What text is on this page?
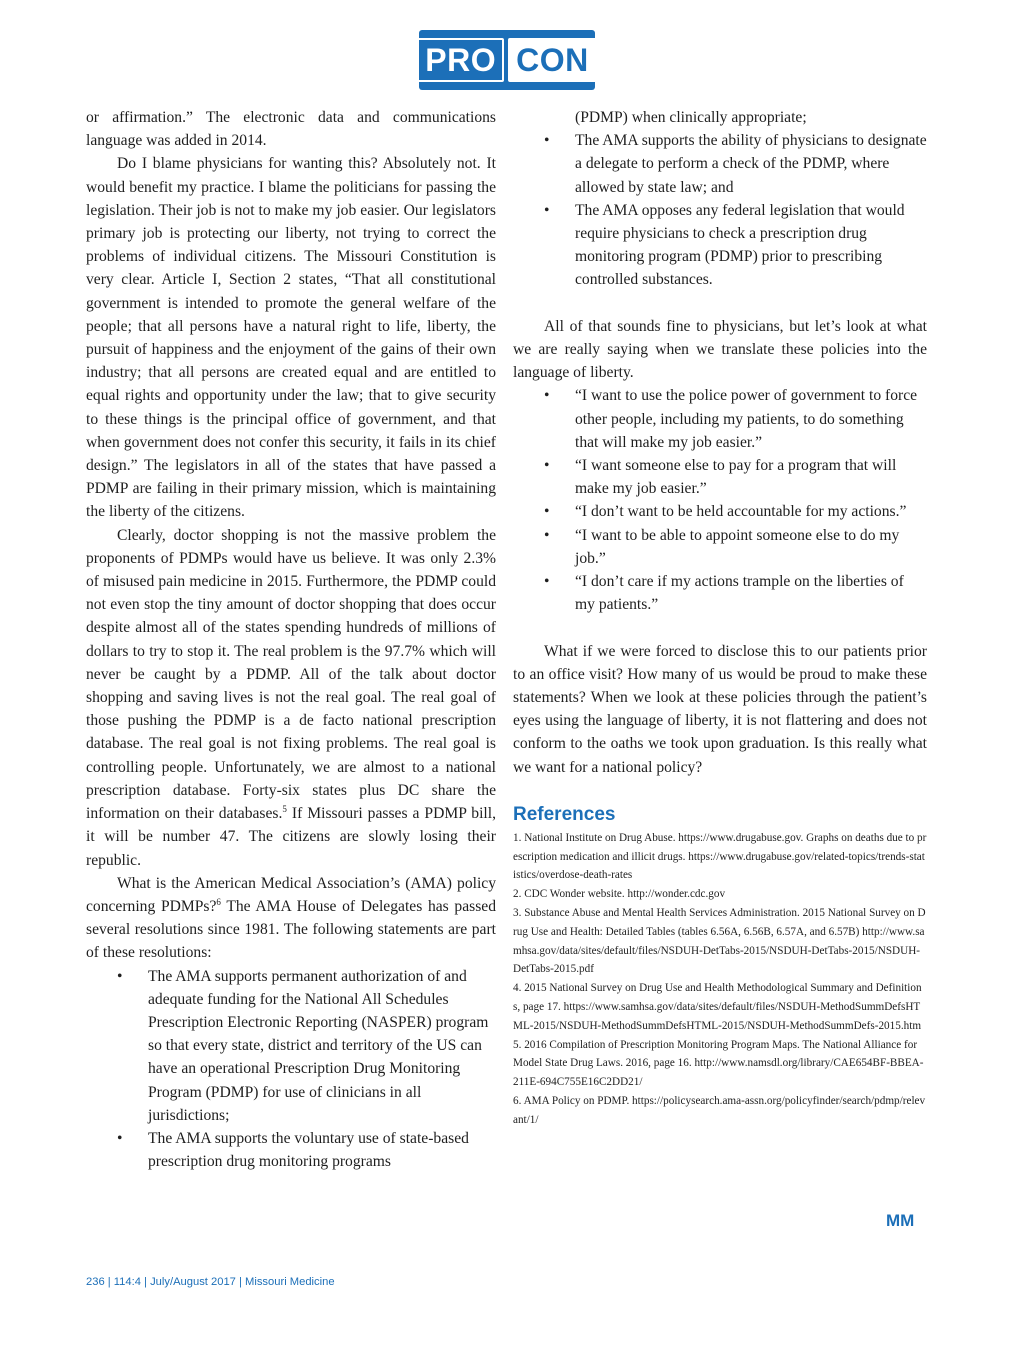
PRO CON

or affirmation.” The electronic data and communications language was added in 2014.

Do I blame physicians for wanting this? Absolutely not. It would benefit my practice. I blame the politicians for passing the legislation. Their job is not to make my job easier. Our legislators primary job is protecting our liberty, not trying to correct the problems of individual citizens. The Missouri Constitution is very clear. Article I, Section 2 states, “That all constitutional government is intended to promote the general welfare of the people; that all persons have a natural right to life, liberty, the pursuit of happiness and the enjoyment of the gains of their own industry; that all persons are created equal and are entitled to equal rights and opportunity under the law; that to give security to these things is the principal office of government, and that when government does not confer this security, it fails in its chief design.” The legislators in all of the states that have passed a PDMP are failing in their primary mission, which is maintaining the liberty of the citizens.

Clearly, doctor shopping is not the massive problem the proponents of PDMPs would have us believe. It was only 2.3% of misused pain medicine in 2015. Furthermore, the PDMP could not even stop the tiny amount of doctor shopping that does occur despite almost all of the states spending hundreds of millions of dollars to try to stop it. The real problem is the 97.7% which will never be caught by a PDMP. All of the talk about doctor shopping and saving lives is not the real goal. The real goal of those pushing the PDMP is a de facto national prescription database. The real goal is not fixing problems. The real goal is controlling people. Unfortunately, we are almost to a national prescription database. Forty-six states plus DC share the information on their databases.$^5$ If Missouri passes a PDMP bill, it will be number 47. The citizens are slowly losing their republic.

What is the American Medical Association’s (AMA) policy concerning PDMPs?$^6$ The AMA House of Delegates has passed several resolutions since 1981. The following statements are part of these resolutions:

• The AMA supports permanent authorization of and adequate funding for the National All Schedules Prescription Electronic Reporting (NASPER) program so that every state, district and territory of the US can have an operational Prescription Drug Monitoring Program (PDMP) for use of clinicians in all jurisdictions;
• The AMA supports the voluntary use of state-based prescription drug monitoring programs
(PDMP) when clinically appropriate;
• The AMA supports the ability of physicians to designate a delegate to perform a check of the PDMP, where allowed by state law; and
• The AMA opposes any federal legislation that would require physicians to check a prescription drug monitoring program (PDMP) prior to prescribing controlled substances.

All of that sounds fine to physicians, but let’s look at what we are really saying when we translate these policies into the language of liberty.

• “I want to use the police power of government to force other people, including my patients, to do something that will make my job easier.”
• “I want someone else to pay for a program that will make my job easier.”
• “I don’t want to be held accountable for my actions.”
• “I want to be able to appoint someone else to do my job.”
• “I don’t care if my actions trample on the liberties of my patients.”

What if we were forced to disclose this to our patients prior to an office visit? How many of us would be proud to make these statements? When we look at these policies through the patient’s eyes using the language of liberty, it is not flattering and does not conform to the oaths we took upon graduation. Is this really what we want for a national policy?

References

1. National Institute on Drug Abuse. https://www.drugabuse.gov. Graphs on deaths due to prescription medication and illicit drugs. https://www.drugabuse.gov/related-topics/trends-statistics/overdose-death-rates

2. CDC Wonder website. http://wonder.cdc.gov

3. Substance Abuse and Mental Health Services Administration. 2015 National Survey on Drug Use and Health: Detailed Tables (tables 6.56A, 6.56B, 6.57A, and 6.57B) http://www.samhsa.gov/data/sites/default/files/NSDUH-DetTabs-2015/NSDUH-DetTabs-2015/NSDUH-DetTabs-2015.pdf

4. 2015 National Survey on Drug Use and Health Methodological Summary and Definitions, page 17. https://www.samhsa.gov/data/sites/default/files/NSDUH-MethodSummDefsHTML-2015/NSDUH-MethodSummDefsHTML-2015/NSDUH-MethodSummDefs-2015.htm

5. 2016 Compilation of Prescription Monitoring Program Maps. The National Alliance for Model State Drug Laws. 2016, page 16. http://www.namsdl.org/library/CAE654BF-BBEA-211E-694C755E16C2DD21/

6. AMA Policy on PDMP. https://policysearch.ama-assn.org/policyfinder/search/pdmp/relevant/1/

MM
236 | 114:4 | July/August 2017 | Missouri Medicine
